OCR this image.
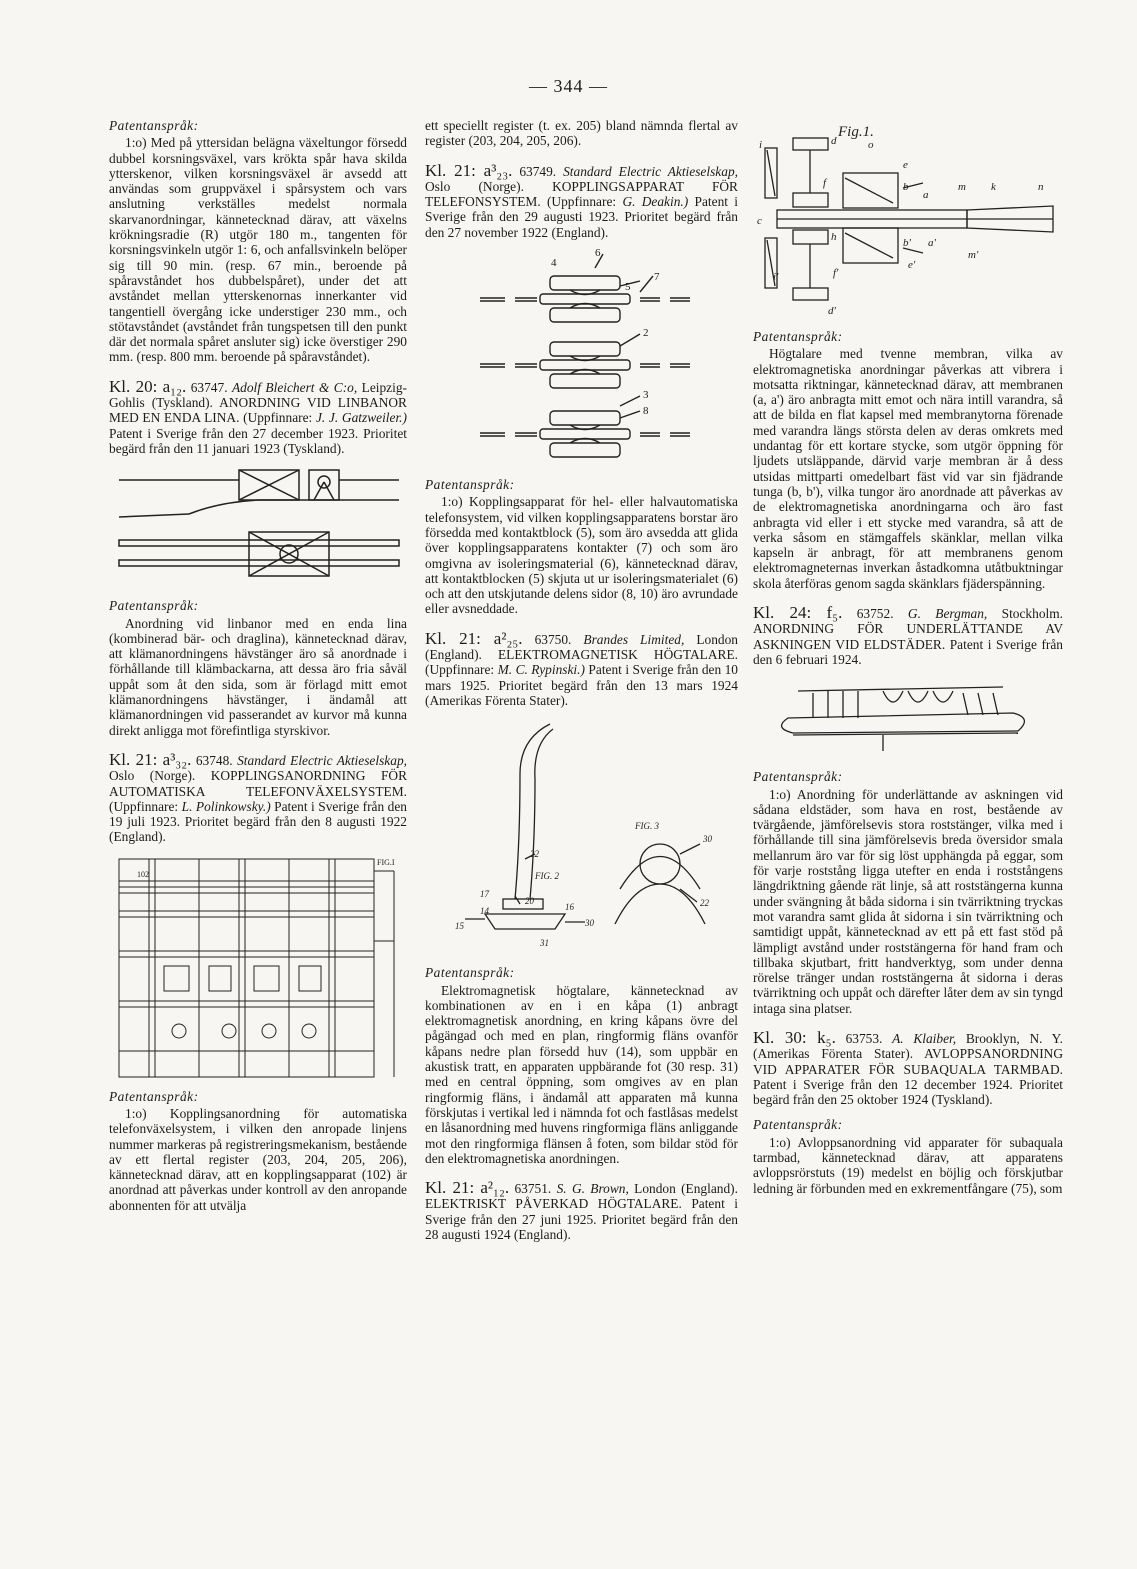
— 344 —

Patentanspråk:

1:o) Med på yttersidan belägna växeltungor försedd dubbel korsningsväxel, vars krökta spår hava skilda ytterskenor, vilken korsningsväxel är avsedd att användas som gruppväxel i spårsystem och vars anslutning verkställes medelst normala skarvanordningar, kännetecknad därav, att växelns krökningsradie (R) utgör 180 m., tangenten för korsningsvinkeln utgör 1: 6, och anfallsvinkeln belöper sig till 90 min. (resp. 67 min., beroende på spåravståndet hos dubbelspåret), under det att avståndet mellan ytterskenornas innerkanter vid tangentiell övergång icke understiger 230 mm., och stötavståndet (avståndet från tungspetsen till den punkt där det normala spåret ansluter sig) icke överstiger 290 mm. (resp. 800 mm. beroende på spåravståndet).

Kl. 20: a₁₂. 63747. Adolf Bleichert & C:o, Leipzig-Gohlis (Tyskland). ANORDNING VID LINBANOR MED EN ENDA LINA. (Uppfinnare: J. J. Gatzweiler.) Patent i Sverige från den 27 december 1923. Prioritet begärd från den 11 januari 1923 (Tyskland).

Patentanspråk:

Anordning vid linbanor med en enda lina (kombinerad bär- och draglina), kännetecknad därav, att klämanordningens hävstänger äro så anordnade i förhållande till klämbackarna, att dessa äro fria såväl uppåt som åt den sida, som är förlagd mitt emot klämanordningens hävstänger, i ändamål att klämanordningen vid passerandet av kurvor må kunna direkt anligga mot förefintliga styrskivor.

Kl. 21: a³₃₂. 63748. Standard Electric Aktieselskap, Oslo (Norge). KOPPLINGSANORDNING FÖR AUTOMATISKA TELEFONVÄXELSYSTEM. (Uppfinnare: L. Polinkowsky.) Patent i Sverige från den 19 juli 1923. Prioritet begärd från den 8 augusti 1922 (England).

FIG.I
102

Patentanspråk:

1:o) Kopplingsanordning för automatiska telefonväxelsystem, i vilken den anropade linjens nummer markeras på registreringsmekanism, bestående av ett flertal register (203, 204, 205, 206), kännetecknad därav, att en kopplingsapparat (102) är anordnad att påverkas under kontroll av den anropande abonnenten för att utvälja

ett speciellt register (t. ex. 205) bland nämnda flertal av register (203, 204, 205, 206).

Kl. 21: a³₂₃. 63749. Standard Electric Aktieselskap, Oslo (Norge). KOPPLINGSAPPARAT FÖR TELEFONSYSTEM. (Uppfinnare: G. Deakin.) Patent i Sverige från den 29 augusti 1923. Prioritet begärd från den 27 november 1922 (England).

4
6
5
7
2
3
8

Patentanspråk:

1:o) Kopplingsapparat för hel- eller halvautomatiska telefonsystem, vid vilken kopplingsapparatens borstar äro försedda med kontaktblock (5), som äro avsedda att glida över kopplingsapparatens kontakter (7) och som äro omgivna av isoleringsmaterial (6), kännetecknad därav, att kontaktblocken (5) skjuta ut ur isoleringsmaterialet (6) och att den utskjutande delens sidor (8, 10) äro avrundade eller avsneddade.

Kl. 21: a²₂₅. 63750. Brandes Limited, London (England). ELEKTROMAGNETISK HÖGTALARE. (Uppfinnare: M. C. Rypinski.) Patent i Sverige från den 10 mars 1925. Prioritet begärd från den 13 mars 1924 (Amerikas Förenta Stater).

FIG. 3
FIG. 2
22
17
14
20
15
16
30
31
30
22

Patentanspråk:

Elektromagnetisk högtalare, kännetecknad av kombinationen av en i en kåpa (1) anbragt elektromagnetisk anordning, en kring kåpans övre del pågängad och med en plan, ringformig fläns ovanför kåpans nedre plan försedd huv (14), som uppbär en akustisk tratt, en apparaten uppbärande fot (30 resp. 31) med en central öppning, som omgives av en plan ringformig fläns, i ändamål att apparaten må kunna förskjutas i vertikal led i nämnda fot och fastlåsas medelst en låsanordning med huvens ringformiga fläns anliggande mot den ringformiga flänsen å foten, som bildar stöd för den elektromagnetiska anordningen.

Kl. 21: a²₁₂. 63751. S. G. Brown, London (England). ELEKTRISKT PÅVERKAD HÖGTALARE. Patent i Sverige från den 27 juni 1925. Prioritet begärd från den 28 augusti 1924 (England).

Fig.1.
i	d	o
e
f	b
a
m k	n
c
h	b' a'
m'
e'
i'	f'
d'

Patentanspråk:

Högtalare med tvenne membran, vilka av elektromagnetiska anordningar påverkas att vibrera i motsatta riktningar, kännetecknad därav, att membranen (a, a') äro anbragta mitt emot och nära intill varandra, så att de bilda en flat kapsel med membranytorna förenade med varandra längs största delen av deras omkrets med undantag för ett kortare stycke, som utgör öppning för ljudets utsläppande, därvid varje membran är å dess utsidas mittparti omedelbart fäst vid var sin fjädrande tunga (b, b'), vilka tungor äro anordnade att påverkas av de elektromagnetiska anordningarna och äro fast anbragta vid eller i ett stycke med varandra, så att de verka såsom en stämgaffels skänklar, mellan vilka kapseln är anbragt, för att membranens genom elektromagneternas inverkan åstadkomna utåtbuktningar skola återföras genom sagda skänklars fjäderspänning.

Kl. 24: f₅. 63752. G. Bergman, Stockholm. ANORDNING FÖR UNDERLÄTTANDE AV ASKNINGEN VID ELDSTÄDER. Patent i Sverige från den 6 februari 1924.

Patentanspråk:

1:o) Anordning för underlättande av askningen vid sådana eldstäder, som hava en rost, bestående av tvärgående, jämförelsevis stora roststänger, vilka med i förhållande till sina jämförelsevis breda översidor smala mellanrum äro var för sig löst upphängda på eggar, som för varje roststång ligga utefter en enda i roststångens längdriktning gående rät linje, så att roststängerna kunna under svängning åt båda sidorna i sin tvärriktning tryckas mot varandra samt glida åt sidorna i sin tvärriktning och samtidigt uppåt, kännetecknad av ett på ett fast stöd på lämpligt avstånd under roststängerna för hand fram och tillbaka skjutbart, fritt handverktyg, som under denna rörelse tränger undan roststängerna åt sidorna i deras tvärriktning och uppåt och därefter låter dem av sin tyngd intaga sina platser.

Kl. 30: k₅. 63753. A. Klaiber, Brooklyn, N. Y. (Amerikas Förenta Stater). AVLOPPSANORDNING VID APPARATER FÖR SUBAQUALA TARMBAD. Patent i Sverige från den 12 december 1924. Prioritet begärd från den 25 oktober 1924 (Tyskland).

Patentanspråk:

1:o) Avloppsanordning vid apparater för subaquala tarmbad, kännetecknad därav, att apparatens avloppsrörstuts (19) medelst en böjlig och förskjutbar ledning är förbunden med en exkrementfångare (75), som
